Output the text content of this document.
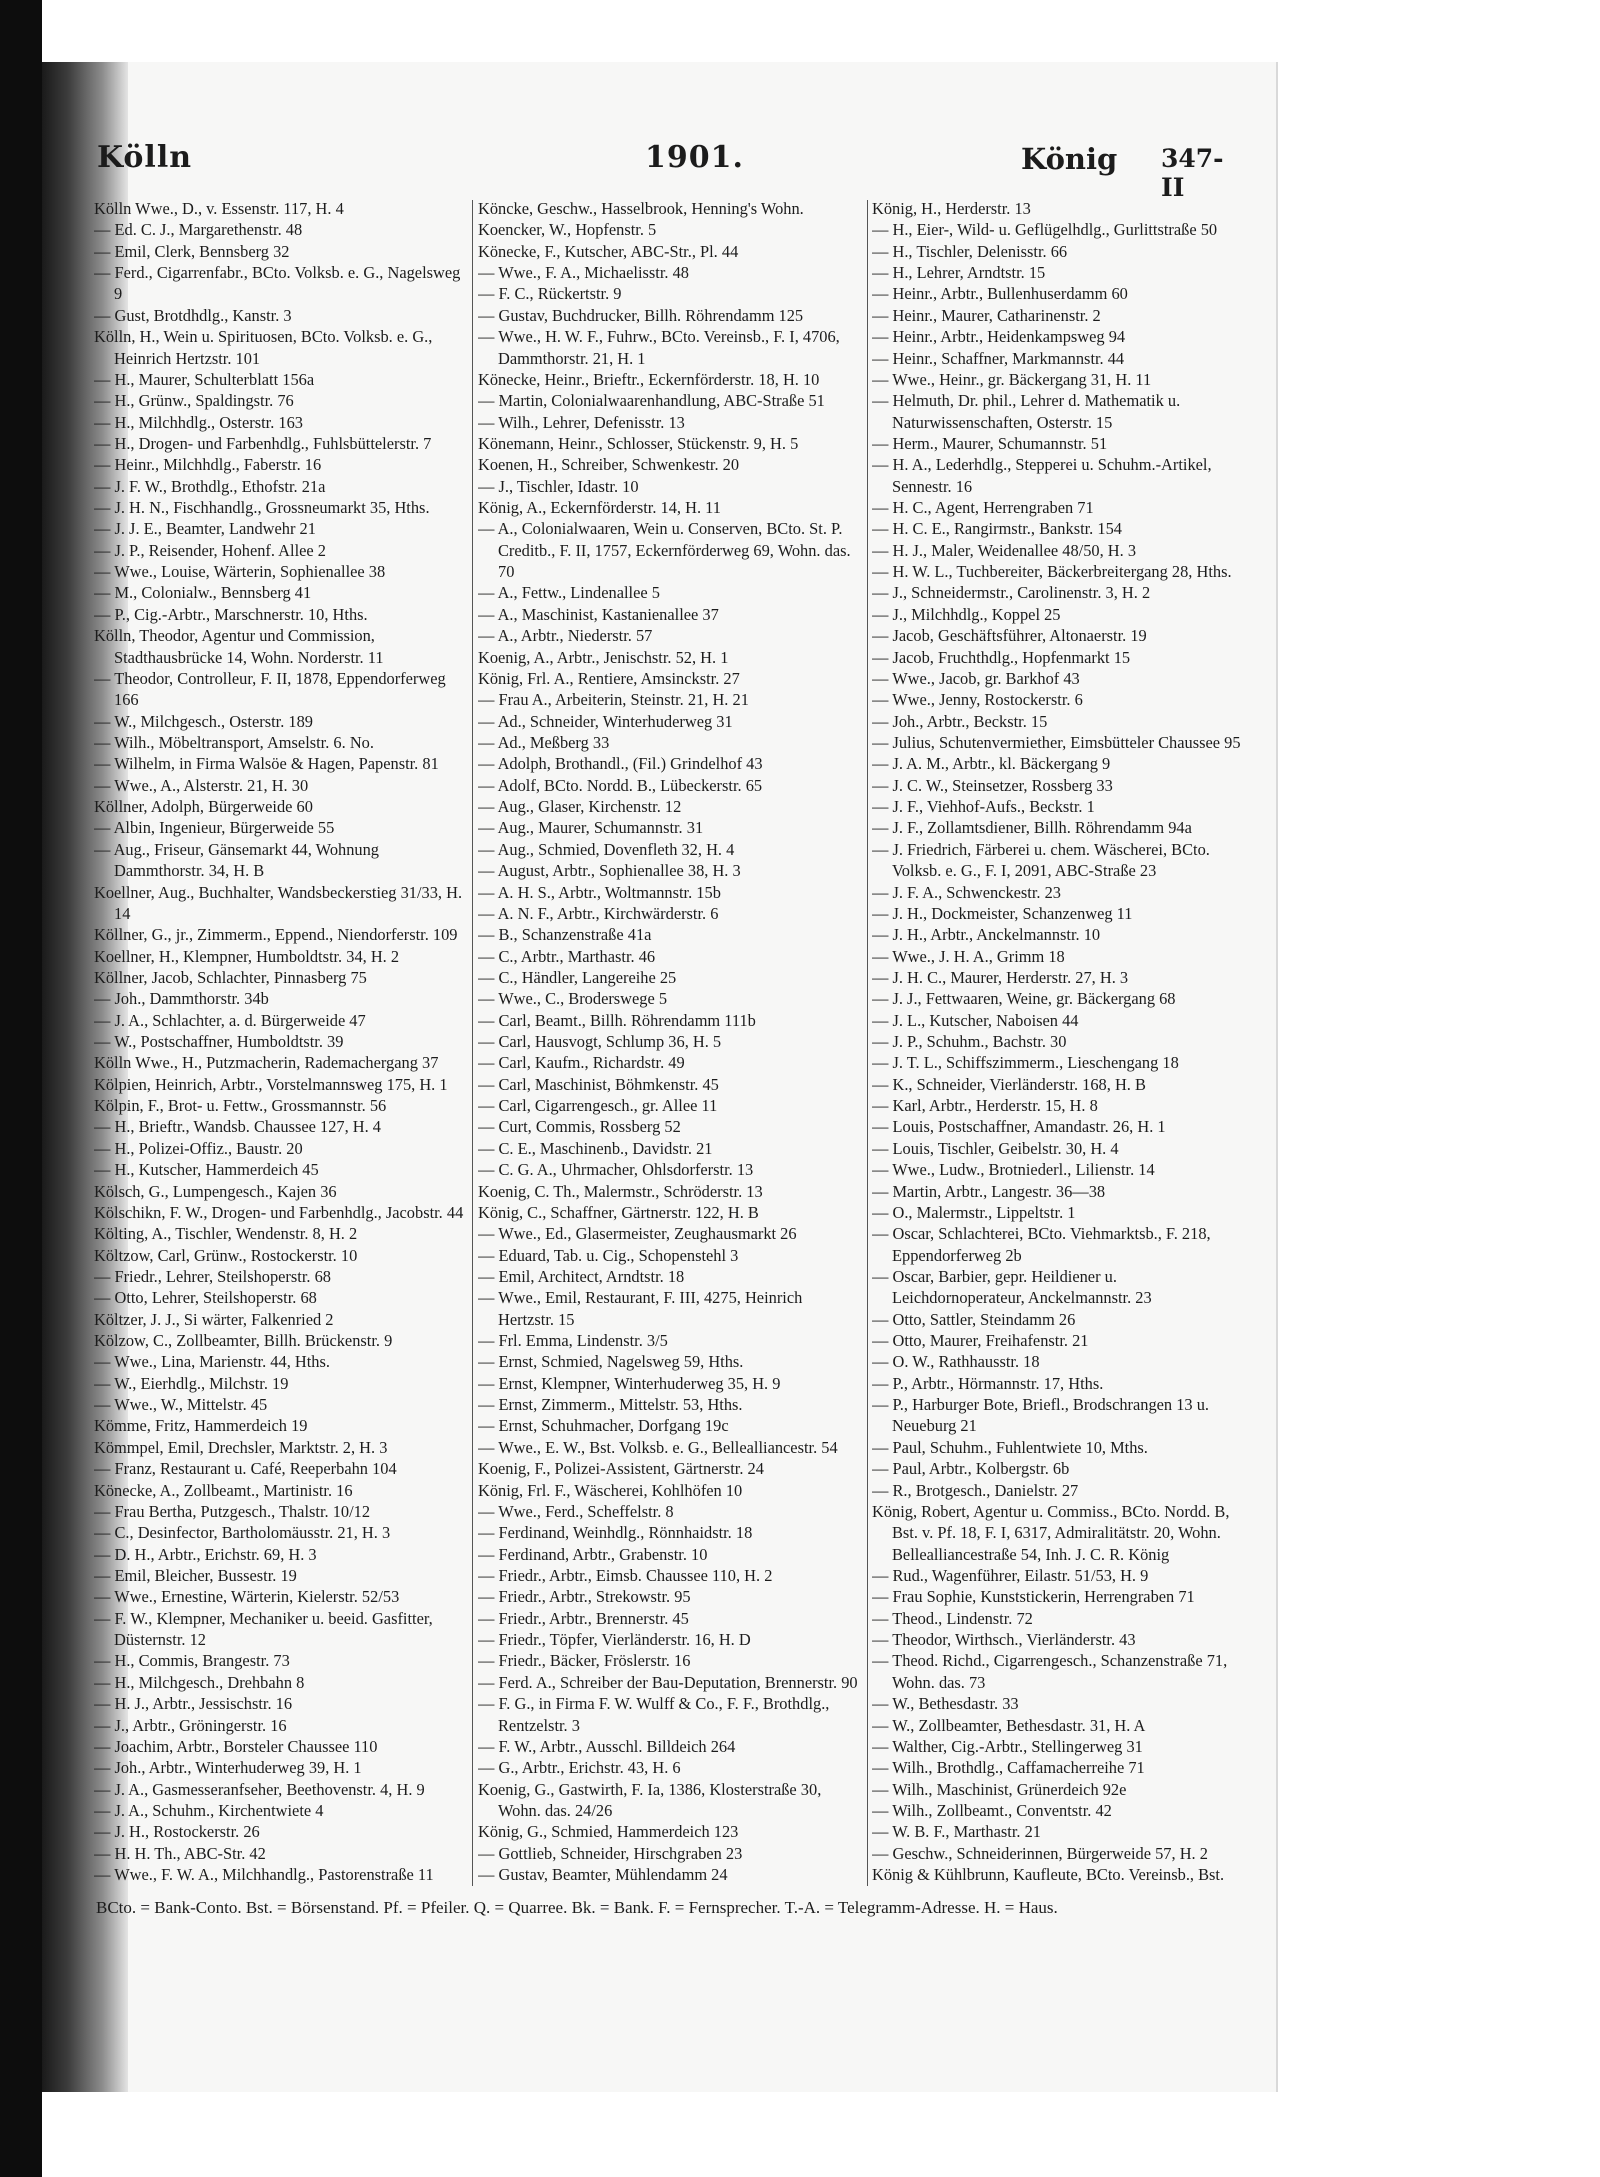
Kölln	1901.	König 347-II
Kölln Wwe., D., v. Essenstr. 117, H. 4
— Ed. C. J., Margarethenstr. 48
— Emil, Clerk, Bennsberg 32
— Ferd., Cigarrenfabr., BCto. Volksb. e. G., Nagelsweg 9
— Gust, Brotdhdlg., Kanstr. 3
Kölln, H., Wein u. Spirituosen, BCto. Volksb. e. G., Heinrich Hertzstr. 101
— H., Maurer, Schulterblatt 156a
— H., Grünw., Spaldingstr. 76
— H., Milchhdlg., Osterstr. 163
— H., Drogen- und Farbenhdlg., Fuhlsbüttelerstr. 7
— Heinr., Milchhdlg., Faberstr. 16
— J. F. W., Brothdlg., Ethofstr. 21a
— J. H. N., Fischhandlg., Grossneumarkt 35, Hths.
— J. J. E., Beamter, Landwehr 21
— J. P., Reisender, Hohenf. Allee 2
— Wwe., Louise, Wärterin, Sophienallee 38
— M., Colonialw., Bennsberg 41
— P., Cig.-Arbtr., Marschnerstr. 10, Hths.
Kölln, Theodor, Agentur und Commission, Stadthausbrücke 14, Wohn. Norderstr. 11
— Theodor, Controlleur, F. II, 1878, Eppendorferweg 166
— W., Milchgesch., Osterstr. 189
— Wilh., Möbeltransport, Amselstr. 6. No.
— Wilhelm, in Firma Walsöe & Hagen, Papenstr. 81
— Wwe., A., Alsterstr. 21, H. 30
Köllner, Adolph, Bürgerweide 60
— Albin, Ingenieur, Bürgerweide 55
— Aug., Friseur, Gänsemarkt 44, Wohnung Dammthorstr. 34, H. B
Koellner, Aug., Buchhalter, Wandsbeckerstieg 31/33, H. 14
Köllner, G., jr., Zimmerm., Eppend., Niendorferstr. 109
Koellner, H., Klempner, Humboldtstr. 34, H. 2
Köllner, Jacob, Schlachter, Pinnasberg 75
— Joh., Dammthorstr. 34b
— J. A., Schlachter, a. d. Bürgerweide 47
— W., Postschaffner, Humboldtstr. 39
Kölln Wwe., H., Putzmacherin, Rademachergang 37
Kölpien, Heinrich, Arbtr., Vorstelmannsweg 175, H. 1
Kölpin, F., Brot- u. Fettw., Grossmannstr. 56
— H., Brieftr., Wandsb. Chaussee 127, H. 4
— H., Polizei-Offiz., Baustr. 20
— H., Kutscher, Hammerdeich 45
Kölsch, G., Lumpengesch., Kajen 36
Kölschikn, F. W., Drogen- und Farbenhdlg., Jacobstr. 44
Költing, A., Tischler, Wendenstr. 8, H. 2
Költzow, Carl, Grünw., Rostockerstr. 10
— Friedr., Lehrer, Steilshoperstr. 68
— Otto, Lehrer, Steilshoperstr. 68
Költzer, J. J., Si wärter, Falkenried 2
Kölzow, C., Zollbeamter, Billh. Brückenstr. 9
— Wwe., Lina, Marienstr. 44, Hths.
— W., Eierhdlg., Milchstr. 19
— Wwe., W., Mittelstr. 45
Kömme, Fritz, Hammerdeich 19
Kömmpel, Emil, Drechsler, Marktstr. 2, H. 3
— Franz, Restaurant u. Café, Reeperbahn 104
Könecke, A., Zollbeamt., Martinistr. 16
— Frau Bertha, Putzgesch., Thalstr. 10/12
— C., Desinfector, Bartholomäusstr. 21, H. 3
— D. H., Arbtr., Erichstr. 69, H. 3
— Emil, Bleicher, Bussestr. 19
— Wwe., Ernestine, Wärterin, Kielerstr. 52/53
— F. W., Klempner, Mechaniker u. beeid. Gasfitter, Düsternstr. 12
— H., Commis, Brangestr. 73
— H., Milchgesch., Drehbahn 8
— H. J., Arbtr., Jessischstr. 16
— J., Arbtr., Gröningerstr. 16
— Joachim, Arbtr., Borsteler Chaussee 110
— Joh., Arbtr., Winterhuderweg 39, H. 1
— J. A., Gasmesseranfseher, Beethovenstr. 4, H. 9
— J. A., Schuhm., Kirchentwiete 4
— J. H., Rostockerstr. 26
— H. H. Th., ABC-Str. 42
— Wwe., F. W. A., Milchhandlg., Pastorenstraße 11
Köncke, Geschw., Hasselbrook, Henning's Wohn.
Koencker, W., Hopfenstr. 5
Könecke, F., Kutscher, ABC-Str., Pl. 44
— Wwe., F. A., Michaelisstr. 48
— F. C., Rückertstr. 9
— Gustav, Buchdrucker, Billh. Röhrendamm 125
— Wwe., H. W. F., Fuhrw., BCto. Vereinsb., F. I, 4706, Dammthorstr. 21, H. 1
Könecke, Heinr., Brieftr., Eckernförderstr. 18, H. 10
— Martin, Colonialwaarenhandlung, ABC-Straße 51
— Wilh., Lehrer, Defenisstr. 13
Könemann, Heinr., Schlosser, Stückenstr. 9, H. 5
Koenen, H., Schreiber, Schwenkestr. 20
— J., Tischler, Idastr. 10
König, A., Eckernförderstr. 14, H. 11
— A., Colonialwaaren, Wein u. Conserven, BCto. St. P. Creditb., F. II, 1757, Eckernförderweg 69, Wohn. das. 70
— A., Fettw., Lindenallee 5
— A., Maschinist, Kastanienallee 37
— A., Arbtr., Niederstr. 57
Koenig, A., Arbtr., Jenischstr. 52, H. 1
König, Frl. A., Rentiere, Amsinckstr. 27
— Frau A., Arbeiterin, Steinstr. 21, H. 21
— Ad., Schneider, Winterhuderweg 31
— Ad., Meßberg 33
— Adolph, Brothandl., (Fil.) Grindelhof 43
— Adolf, BCto. Nordd. B., Lübeckerstr. 65
— Aug., Glaser, Kirchenstr. 12
— Aug., Maurer, Schumannstr. 31
— Aug., Schmied, Dovenfleth 32, H. 4
— August, Arbtr., Sophienallee 38, H. 3
— A. H. S., Arbtr., Woltmannstr. 15b
— A. N. F., Arbtr., Kirchwärderstr. 6
— B., Schanzenstraße 41a
— C., Arbtr., Marthastr. 46
— C., Händler, Langereihe 25
— Wwe., C., Broderswege 5
— Carl, Beamt., Billh. Röhrendamm 111b
— Carl, Hausvogt, Schlump 36, H. 5
— Carl, Kaufm., Richardstr. 49
— Carl, Maschinist, Böhmkenstr. 45
— Carl, Cigarrengesch., gr. Allee 11
— Curt, Commis, Rossberg 52
— C. E., Maschinenb., Davidstr. 21
— C. G. A., Uhrmacher, Ohlsdorferstr. 13
Koenig, C. Th., Malermstr., Schröderstr. 13
König, C., Schaffner, Gärtnerstr. 122, H. B
— Wwe., Ed., Glasermeister, Zeughausmarkt 26
— Eduard, Tab. u. Cig., Schopenstehl 3
— Emil, Architect, Arndtstr. 18
— Wwe., Emil, Restaurant, F. III, 4275, Heinrich Hertzstr. 15
— Frl. Emma, Lindenstr. 3/5
— Ernst, Schmied, Nagelsweg 59, Hths.
— Ernst, Klempner, Winterhuderweg 35, H. 9
— Ernst, Zimmerm., Mittelstr. 53, Hths.
— Ernst, Schuhmacher, Dorfgang 19c
— Wwe., E. W., Bst. Volksb. e. G., Bellealliancestr. 54
Koenig, F., Polizei-Assistent, Gärtnerstr. 24
König, Frl. F., Wäscherei, Kohlhöfen 10
— Wwe., Ferd., Scheffelstr. 8
— Ferdinand, Weinhdlg., Rönnhaidstr. 18
— Ferdinand, Arbtr., Grabenstr. 10
— Friedr., Arbtr., Eimsb. Chaussee 110, H. 2
— Friedr., Arbtr., Strekowstr. 95
— Friedr., Arbtr., Brennerstr. 45
— Friedr., Töpfer, Vierländerstr. 16, H. D
— Friedr., Bäcker, Fröslerstr. 16
— Ferd. A., Schreiber der Bau-Deputation, Brennerstr. 90
— F. G., in Firma F. W. Wulff & Co., F. F., Brothdlg., Rentzelstr. 3
— F. W., Arbtr., Ausschl. Billdeich 264
— G., Arbtr., Erichstr. 43, H. 6
Koenig, G., Gastwirth, F. Ia, 1386, Klosterstraße 30, Wohn. das. 24/26
König, G., Schmied, Hammerdeich 123
— Gottlieb, Schneider, Hirschgraben 23
— Gustav, Beamter, Mühlendamm 24
König, H., Herderstr. 13
— H., Eier-, Wild- u. Geflügelhdlg., Gurlittstraße 50
— H., Tischler, Delenisstr. 66
— H., Lehrer, Arndtstr. 15
— Heinr., Arbtr., Bullenhuserdamm 60
— Heinr., Maurer, Catharinenstr. 2
— Heinr., Arbtr., Heidenkampsweg 94
— Heinr., Schaffner, Markmannstr. 44
— Wwe., Heinr., gr. Bäckergang 31, H. 11
— Helmuth, Dr. phil., Lehrer d. Mathematik u. Naturwissenschaften, Osterstr. 15
— Herm., Maurer, Schumannstr. 51
— H. A., Lederhdlg., Stepperei u. Schuhm.-Artikel, Sennestr. 16
— H. C., Agent, Herrengraben 71
— H. C. E., Rangirmstr., Bankstr. 154
— H. J., Maler, Weidenallee 48/50, H. 3
— H. W. L., Tuchbereiter, Bäckerbreitergang 28, Hths.
— J., Schneidermstr., Carolinenstr. 3, H. 2
— J., Milchhdlg., Koppel 25
— Jacob, Geschäftsführer, Altonaerstr. 19
— Jacob, Fruchthdlg., Hopfenmarkt 15
— Wwe., Jacob, gr. Barkhof 43
— Wwe., Jenny, Rostockerstr. 6
— Joh., Arbtr., Beckstr. 15
— Julius, Schutenvermiether, Eimsbütteler Chaussee 95
— J. A. M., Arbtr., kl. Bäckergang 9
— J. C. W., Steinsetzer, Rossberg 33
— J. F., Viehhof-Aufs., Beckstr. 1
— J. F., Zollamtsdiener, Billh. Röhrendamm 94a
— J. Friedrich, Färberei u. chem. Wäscherei, BCto. Volksb. e. G., F. I, 2091, ABC-Straße 23
— J. F. A., Schwenckestr. 23
— J. H., Dockmeister, Schanzenweg 11
— J. H., Arbtr., Anckelmannstr. 10
— Wwe., J. H. A., Grimm 18
— J. H. C., Maurer, Herderstr. 27, H. 3
— J. J., Fettwaaren, Weine, gr. Bäckergang 68
— J. L., Kutscher, Naboisen 44
— J. P., Schuhm., Bachstr. 30
— J. T. L., Schiffszimmerm., Lieschengang 18
— K., Schneider, Vierländerstr. 168, H. B
— Karl, Arbtr., Herderstr. 15, H. 8
— Louis, Postschaffner, Amandastr. 26, H. 1
— Louis, Tischler, Geibelstr. 30, H. 4
— Wwe., Ludw., Brotniederl., Lilienstr. 14
— Martin, Arbtr., Langestr. 36—38
— O., Malermstr., Lippeltstr. 1
— Oscar, Schlachterei, BCto. Viehmarktsb., F. 218, Eppendorferweg 2b
— Oscar, Barbier, gepr. Heildiener u. Leichdornoperateur, Anckelmannstr. 23
— Otto, Sattler, Steindamm 26
— Otto, Maurer, Freihafenstr. 21
— O. W., Rathhausstr. 18
— P., Arbtr., Hörmannstr. 17, Hths.
— P., Harburger Bote, Briefl., Brodschrangen 13 u. Neueburg 21
— Paul, Schuhm., Fuhlentwiete 10, Mths.
— Paul, Arbtr., Kolbergstr. 6b
— R., Brotgesch., Danielstr. 27
König, Robert, Agentur u. Commiss., BCto. Nordd. B, Bst. v. Pf. 18, F. I, 6317, Admiralitätstr. 20, Wohn. Bellealliancestraße 54, Inh. J. C. R. König
— Rud., Wagenführer, Eilastr. 51/53, H. 9
— Frau Sophie, Kunststickerin, Herrengraben 71
— Theod., Lindenstr. 72
— Theodor, Wirthsch., Vierländerstr. 43
— Theod. Richd., Cigarrengesch., Schanzenstraße 71, Wohn. das. 73
— W., Bethesdastr. 33
— W., Zollbeamter, Bethesdastr. 31, H. A
— Walther, Cig.-Arbtr., Stellingerweg 31
— Wilh., Brothdlg., Caffamacherreihe 71
— Wilh., Maschinist, Grünerdeich 92e
— Wilh., Zollbeamt., Conventstr. 42
— W. B. F., Marthastr. 21
— Geschw., Schneiderinnen, Bürgerweide 57, H. 2
König & Kühlbrunn, Kaufleute, BCto. Vereinsb., Bst.
BCto. = Bank-Conto. Bst. = Börsenstand. Pf. = Pfeiler. Q. = Quarree. Bk. = Bank. F. = Fernsprecher. T.-A. = Telegramm-Adresse. H. = Haus.
